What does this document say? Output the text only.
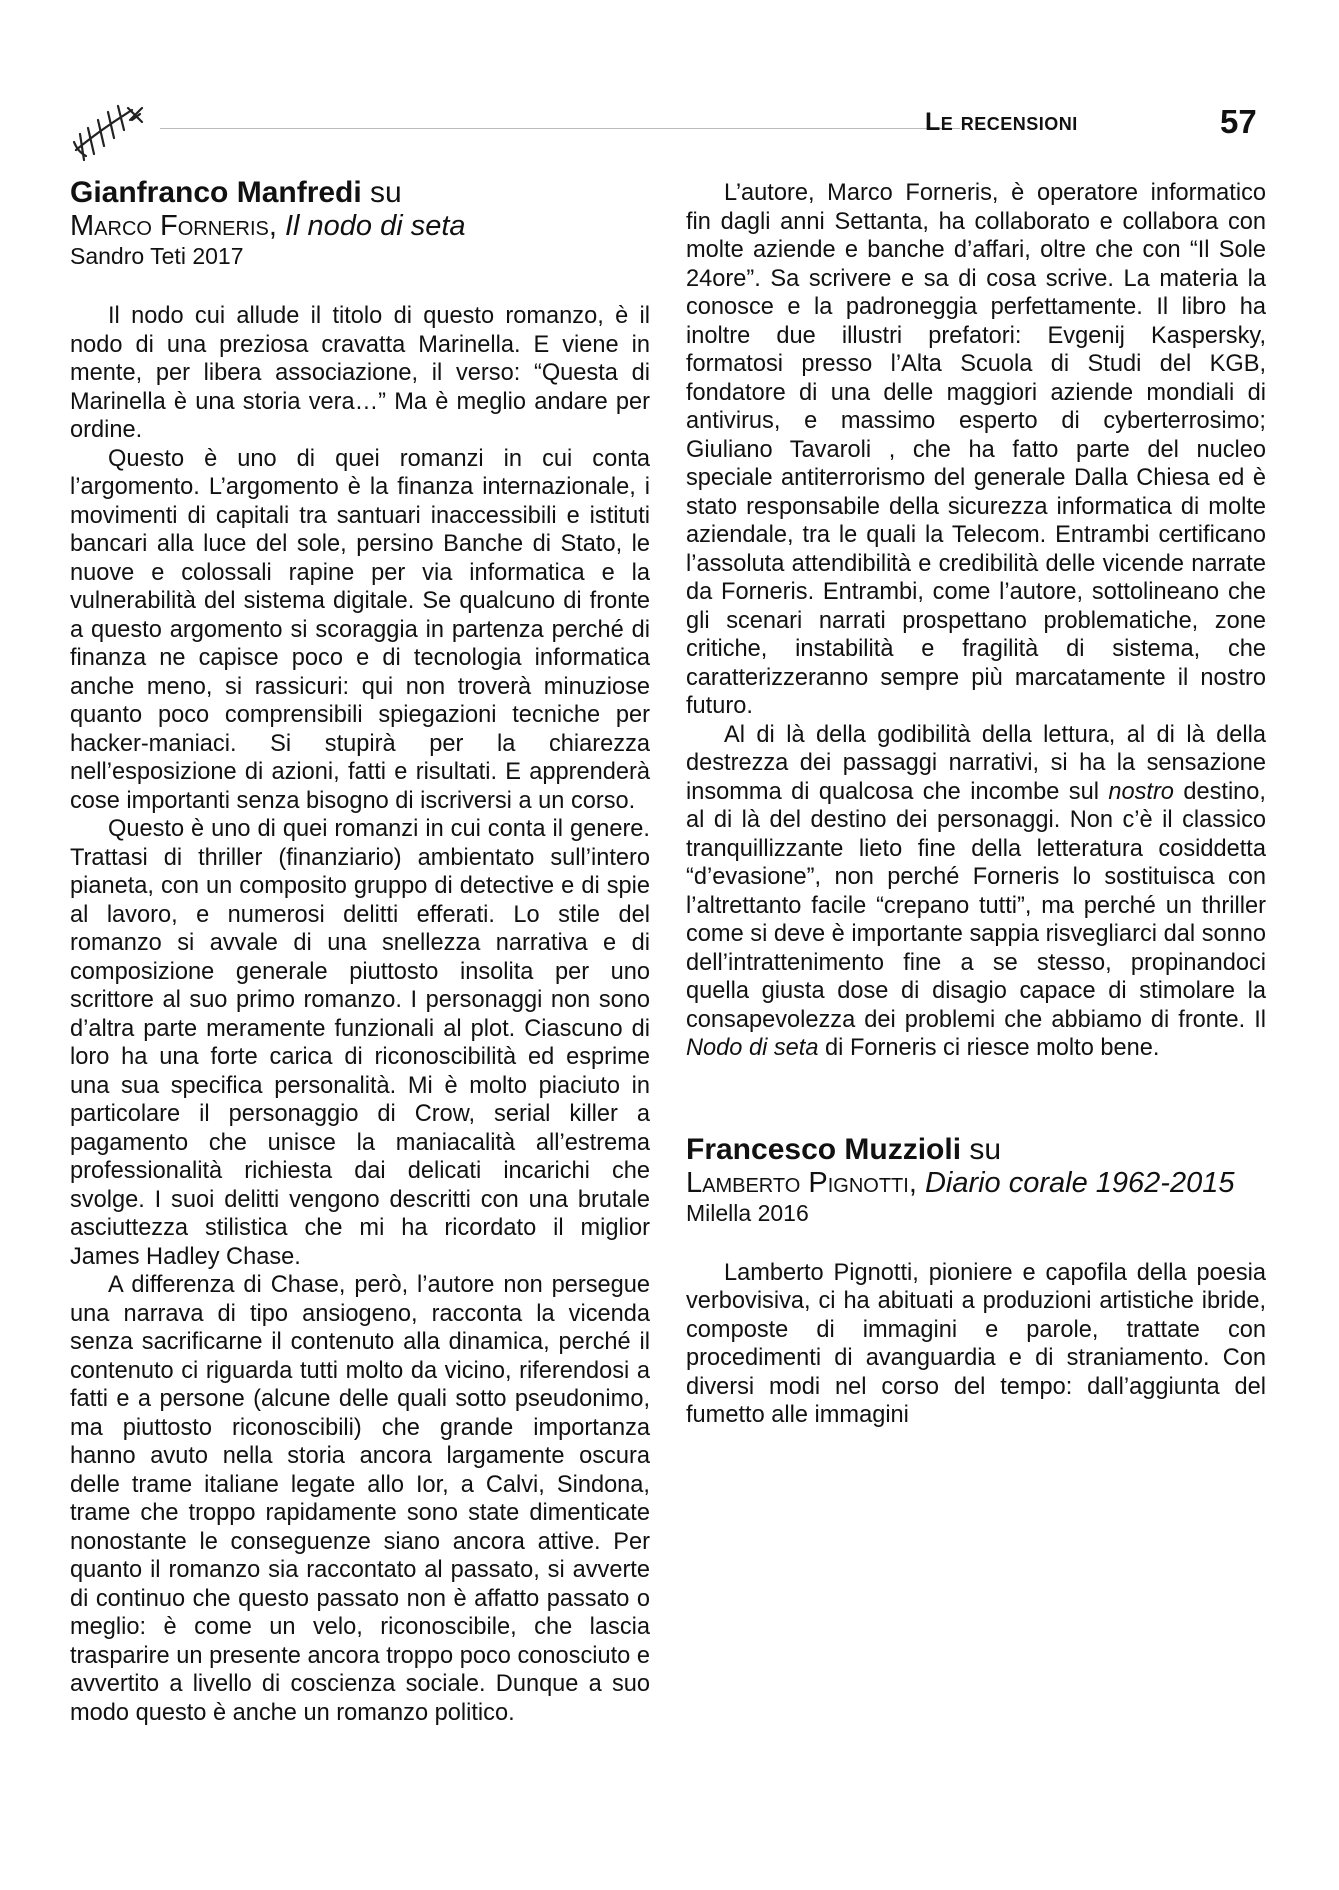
Le recensioni	57
Gianfranco Manfredi su
Marco Forneris, Il nodo di seta
Sandro Teti 2017

Il nodo cui allude il titolo di questo romanzo, è il nodo di una preziosa cravatta Marinella. E viene in mente, per libera associazione, il verso: “Questa di Marinella è una storia vera…” Ma è meglio andare per ordine.

Questo è uno di quei romanzi in cui conta l’argomento. L’argomento è la finanza internazionale, i movimenti di capitali tra santuari inaccessibili e istituti bancari alla luce del sole, persino Banche di Stato, le nuove e colossali rapine per via informatica e la vulnerabilità del sistema digitale. Se qualcuno di fronte a questo argomento si scoraggia in partenza perché di finanza ne capisce poco e di tecnologia informatica anche meno, si rassicuri: qui non troverà minuziose quanto poco comprensibili spiegazioni tecniche per hacker-maniaci. Si stupirà per la chiarezza nell’esposizione di azioni, fatti e risultati. E apprenderà cose importanti senza bisogno di iscriversi a un corso.

Questo è uno di quei romanzi in cui conta il genere. Trattasi di thriller (finanziario) ambientato sull’intero pianeta, con un composito gruppo di detective e di spie al lavoro, e numerosi delitti efferati. Lo stile del romanzo si avvale di una snellezza narrativa e di composizione generale piuttosto insolita per uno scrittore al suo primo romanzo. I personaggi non sono d’altra parte meramente funzionali al plot. Ciascuno di loro ha una forte carica di riconoscibilità ed esprime una sua specifica personalità. Mi è molto piaciuto in particolare il personaggio di Crow, serial killer a pagamento che unisce la maniacalità all’estrema professionalità richiesta dai delicati incarichi che svolge. I suoi delitti vengono descritti con una brutale asciuttezza stilistica che mi ha ricordato il miglior James Hadley Chase.

A differenza di Chase, però, l’autore non persegue una narrava di tipo ansiogeno, racconta la vicenda senza sacrificarne il contenuto alla dinamica, perché il contenuto ci riguarda tutti molto da vicino, riferendosi a fatti e a persone (alcune delle quali sotto pseudonimo, ma piuttosto riconoscibili) che grande importanza hanno avuto nella storia ancora largamente oscura delle trame italiane legate allo Ior, a Calvi, Sindona, trame che troppo rapidamente sono state dimenticate nonostante le conseguenze siano ancora attive. Per quanto il romanzo sia raccontato al passato, si avverte di continuo che questo passato non è affatto passato o meglio: è come un velo, riconoscibile, che lascia trasparire un presente ancora troppo poco conosciuto e avvertito a livello di coscienza sociale. Dunque a suo modo questo è anche un romanzo politico.

L’autore, Marco Forneris, è operatore informatico fin dagli anni Settanta, ha collaborato e collabora con molte aziende e banche d’affari, oltre che con “Il Sole 24ore”. Sa scrivere e sa di cosa scrive. La materia la conosce e la padroneggia perfettamente. Il libro ha inoltre due illustri prefatori: Evgenij Kaspersky, formatosi presso l’Alta Scuola di Studi del KGB, fondatore di una delle maggiori aziende mondiali di antivirus, e massimo esperto di cyberterrosimo; Giuliano Tavaroli , che ha fatto parte del nucleo speciale antiterrorismo del generale Dalla Chiesa ed è stato responsabile della sicurezza informatica di molte aziendale, tra le quali la Telecom. Entrambi certificano l’assoluta attendibilità e credibilità delle vicende narrate da Forneris. Entrambi, come l’autore, sottolineano che gli scenari narrati prospettano problematiche, zone critiche, instabilità e fragilità di sistema, che caratterizzeranno sempre più marcatamente il nostro futuro.

Al di là della godibilità della lettura, al di là della destrezza dei passaggi narrativi, si ha la sensazione insomma di qualcosa che incombe sul nostro destino, al di là del destino dei personaggi. Non c’è il classico tranquillizzante lieto fine della letteratura cosiddetta “d’evasione”, non perché Forneris lo sostituisca con l’altrettanto facile “crepano tutti”, ma perché un thriller come si deve è importante sappia risvegliarci dal sonno dell’intrattenimento fine a se stesso, propinandoci quella giusta dose di disagio capace di stimolare la consapevolezza dei problemi che abbiamo di fronte. Il Nodo di seta di Forneris ci riesce molto bene.

Francesco Muzzioli su
Lamberto Pignotti, Diario corale 1962-2015
Milella 2016

Lamberto Pignotti, pioniere e capofila della poesia verbovisiva, ci ha abituati a produzioni artistiche ibride, composte di immagini e parole, trattate con procedimenti di avanguardia e di straniamento. Con diversi modi nel corso del tempo: dall’aggiunta del fumetto alle immagini
